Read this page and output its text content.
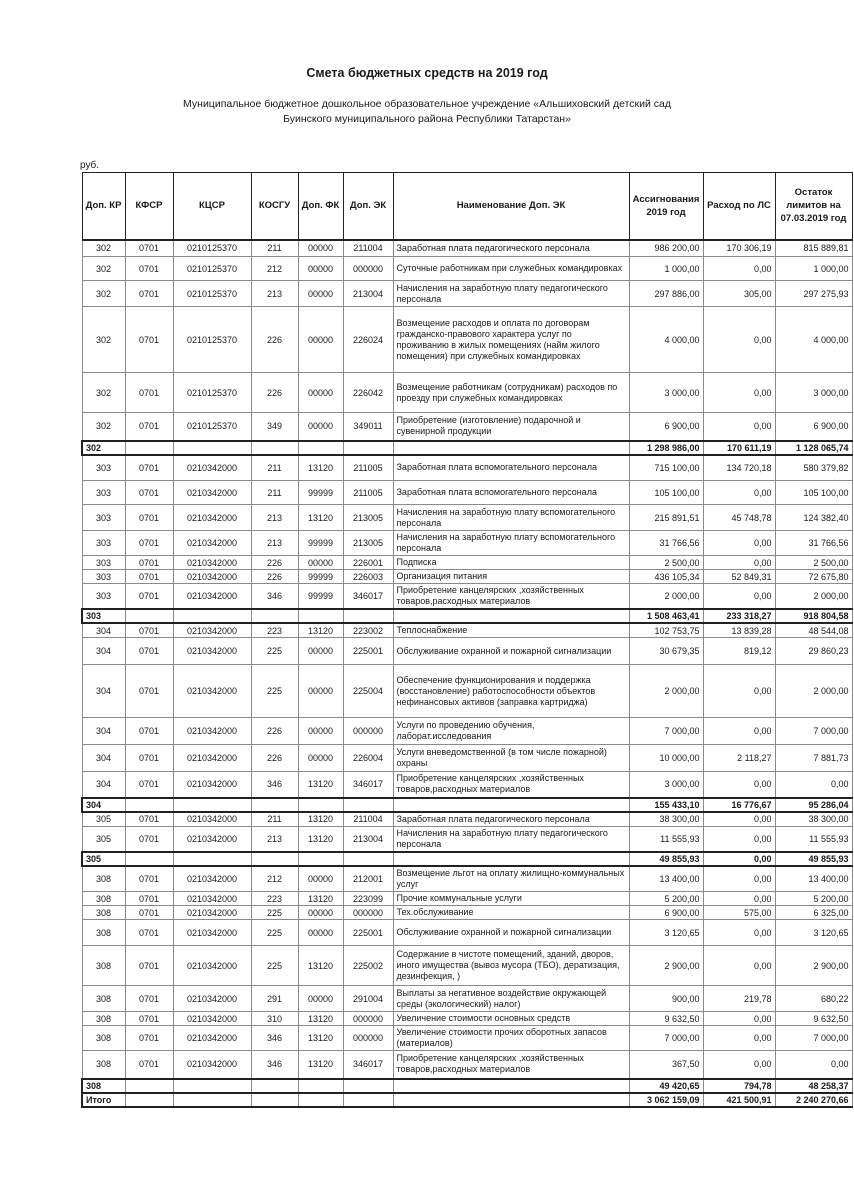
Смета бюджетных средств на 2019 год
Муниципальное бюджетное дошкольное образовательное учреждение «Альшиховский детский сад
Буинского муниципального района Республики Татарстан»
руб.
Доп. КР	КФСР	КЦСР	КОСГУ	Доп. ФК	Доп. ЭК	Наименование Доп. ЭК	Ассигнования 2019 год	Расход по ЛС	Остаток лимитов на 07.03.2019 год
302	0701	0210125370	211	00000	211004	Заработная плата педагогического персонала	986 200,00	170 306,19	815 889,81
302	0701	0210125370	212	00000	000000	Суточные работникам при служебных командировках	1 000,00	0,00	1 000,00
302	0701	0210125370	213	00000	213004	Начисления на заработную плату педагогического персонала	297 886,00	305,00	297 275,93
302	0701	0210125370	226	00000	226024	Возмещение расходов и оплата по договорам гражданско-правового характера услуг по проживанию в жилых помещениях (найм жилого помещения) при служебных командировках	4 000,00	0,00	4 000,00
302	0701	0210125370	226	00000	226042	Возмещение работникам (сотрудникам) расходов по проезду при служебных командировках	3 000,00	0,00	3 000,00
302	0701	0210125370	349	00000	349011	Приобретение (изготовление) подарочной и сувенирной продукции	6 900,00	0,00	6 900,00
302							1 298 986,00	170 611,19	1 128 065,74
303	0701	0210342000	211	13120	211005	Заработная плата вспомогательного персонала	715 100,00	134 720,18	580 379,82
303	0701	0210342000	211	99999	211005	Заработная плата вспомогательного персонала	105 100,00	0,00	105 100,00
303	0701	0210342000	213	13120	213005	Начисления на заработную плату вспомогательного персонала	215 891,51	45 748,78	124 382,40
303	0701	0210342000	213	99999	213005	Начисления на заработную плату вспомогательного персонала	31 766,56	0,00	31 766,56
303	0701	0210342000	226	00000	226001	Подписка	2 500,00	0,00	2 500,00
303	0701	0210342000	226	99999	226003	Организация питания	436 105,34	52 849,31	72 675,80
303	0701	0210342000	346	99999	346017	Приобретение канцелярских ,хозяйственных товаров,расходных материалов	2 000,00	0,00	2 000,00
303							1 508 463,41	233 318,27	918 804,58
304	0701	0210342000	223	13120	223002	Теплоснабжение	102 753,75	13 839,28	48 544,08
304	0701	0210342000	225	00000	225001	Обслуживание охранной и пожарной сигнализации	30 679,35	819,12	29 860,23
304	0701	0210342000	225	00000	225004	Обеспечение функционирования и поддержка (восстановление) работоспособности объектов нефинансовых активов (заправка картриджа)	2 000,00	0,00	2 000,00
304	0701	0210342000	226	00000	000000	Услуги по проведению обучения, лаборат.исследования	7 000,00	0,00	7 000,00
304	0701	0210342000	226	00000	226004	Услуги вневедомственной (в том числе пожарной) охраны	10 000,00	2 118,27	7 881,73
304	0701	0210342000	346	13120	346017	Приобретение канцелярских ,хозяйственных товаров,расходных материалов	3 000,00	0,00	0,00
304							155 433,10	16 776,67	95 286,04
305	0701	0210342000	211	13120	211004	Заработная плата педагогического персонала	38 300,00	0,00	38 300,00
305	0701	0210342000	213	13120	213004	Начисления на заработную плату педагогического персонала	11 555,93	0,00	11 555,93
305							49 855,93	0,00	49 855,93
308	0701	0210342000	212	00000	212001	Возмещение льгот на оплату жилищно-коммунальных услуг	13 400,00	0,00	13 400,00
308	0701	0210342000	223	13120	223099	Прочие коммунальные услуги	5 200,00	0,00	5 200,00
308	0701	0210342000	225	00000	000000	Тех.обслуживание	6 900,00	575,00	6 325,00
308	0701	0210342000	225	00000	225001	Обслуживание охранной и пожарной сигнализации	3 120,65	0,00	3 120,65
308	0701	0210342000	225	13120	225002	Содержание в чистоте помещений, зданий, дворов, иного имущества (вывоз мусора (ТБО), дератизация, дезинфекция, )	2 900,00	0,00	2 900,00
308	0701	0210342000	291	00000	291004	Выплаты за негативное воздействие окружающей среды (экологический) налог)	900,00	219,78	680,22
308	0701	0210342000	310	13120	000000	Увеличение стоимости основных средств	9 632,50	0,00	9 632,50
308	0701	0210342000	346	13120	000000	Увеличение стоимости прочих оборотных запасов (материалов)	7 000,00	0,00	7 000,00
308	0701	0210342000	346	13120	346017	Приобретение канцелярских ,хозяйственных товаров,расходных материалов	367,50	0,00	0,00
308							49 420,65	794,78	48 258,37
Итого							3 062 159,09	421 500,91	2 240 270,66
